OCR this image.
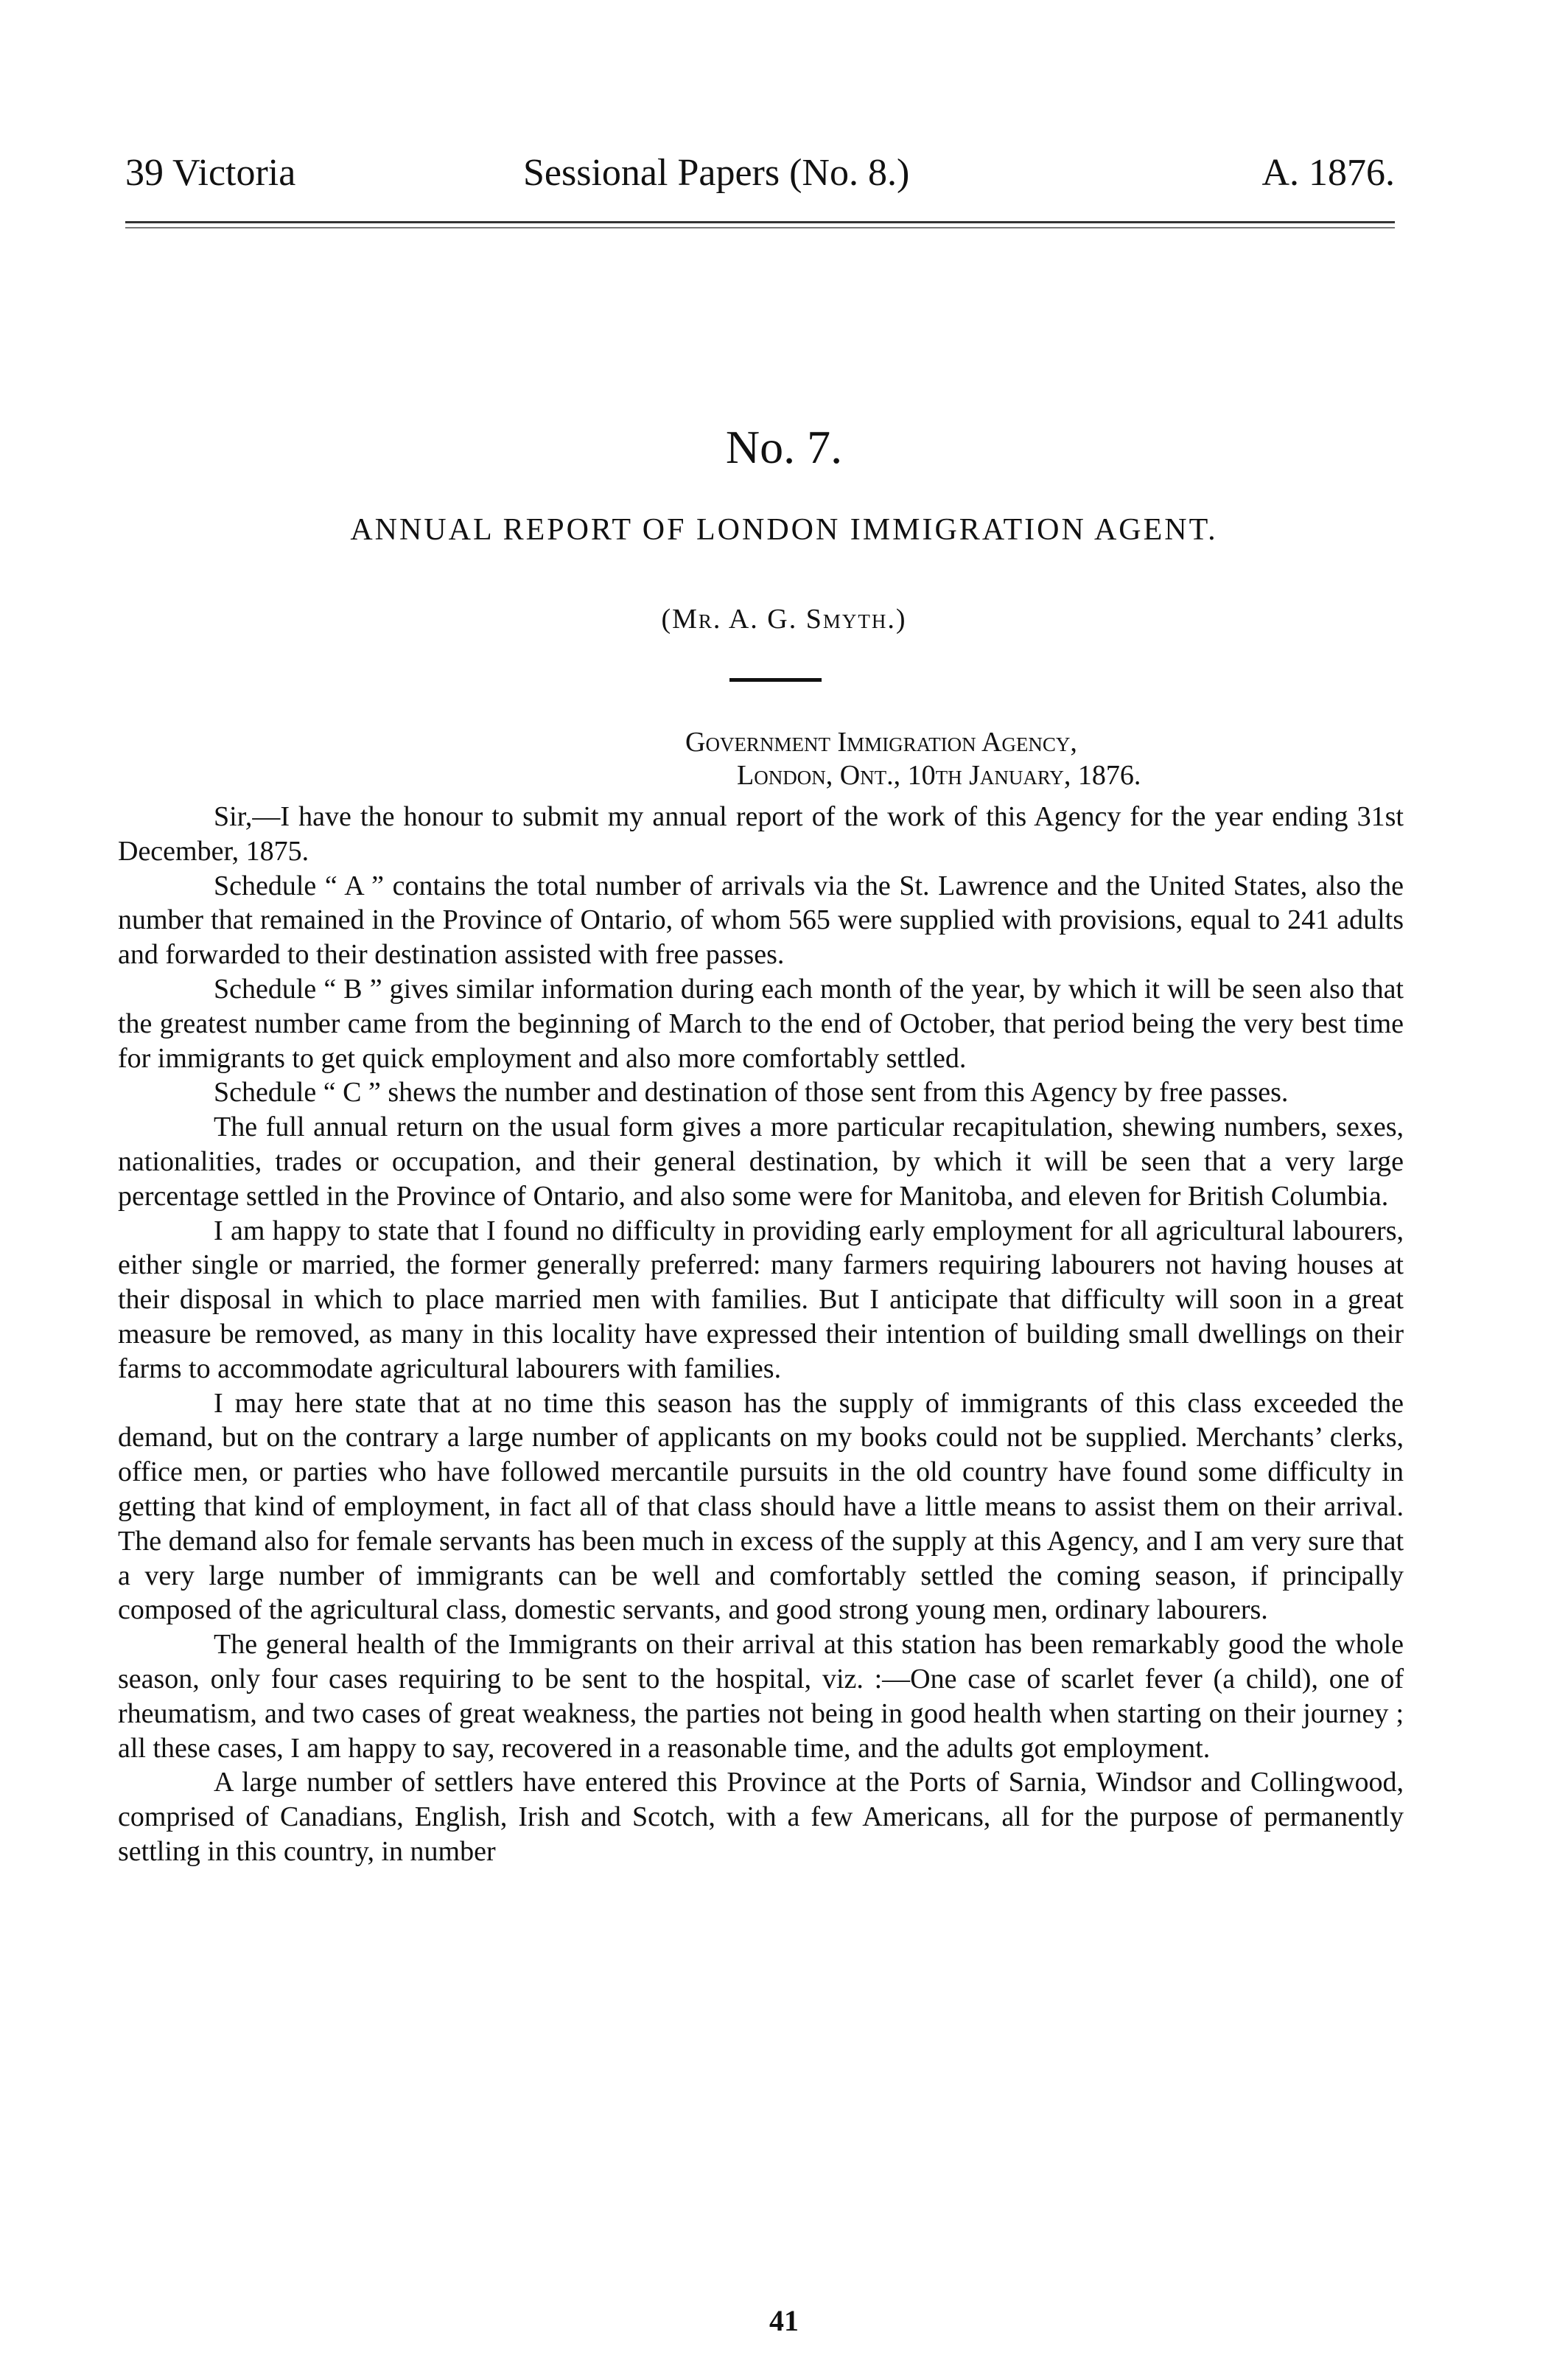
39 Victoria	Sessional Papers (No. 8.)	A. 1876.
No. 7.
ANNUAL REPORT OF LONDON IMMIGRATION AGENT.
(Mr. A. G. Smyth.)
Government Immigration Agency,
London, Ont., 10th January, 1876.

Sir,—I have the honour to submit my annual report of the work of this Agency for the year ending 31st December, 1875.

Schedule “ A ” contains the total number of arrivals via the St. Lawrence and the United States, also the number that remained in the Province of Ontario, of whom 565 were supplied with provisions, equal to 241 adults and forwarded to their destination assisted with free passes.

Schedule “ B ” gives similar information during each month of the year, by which it will be seen also that the greatest number came from the beginning of March to the end of October, that period being the very best time for immigrants to get quick employment and also more comfortably settled.

Schedule “ C ” shews the number and destination of those sent from this Agency by free passes.

The full annual return on the usual form gives a more particular recapitulation, shewing numbers, sexes, nationalities, trades or occupation, and their general destination, by which it will be seen that a very large percentage settled in the Province of Ontario, and also some were for Manitoba, and eleven for British Columbia.

I am happy to state that I found no difficulty in providing early employment for all agricultural labourers, either single or married, the former generally preferred: many farmers requiring labourers not having houses at their disposal in which to place married men with families. But I anticipate that difficulty will soon in a great measure be removed, as many in this locality have expressed their intention of building small dwellings on their farms to accommodate agricultural labourers with families.

I may here state that at no time this season has the supply of immigrants of this class exceeded the demand, but on the contrary a large number of applicants on my books could not be supplied. Merchants’ clerks, office men, or parties who have followed mercantile pursuits in the old country have found some difficulty in getting that kind of employment, in fact all of that class should have a little means to assist them on their arrival. The demand also for female servants has been much in excess of the supply at this Agency, and I am very sure that a very large number of immigrants can be well and comfortably settled the coming season, if principally composed of the agricultural class, domestic servants, and good strong young men, ordinary labourers.

The general health of the Immigrants on their arrival at this station has been remarkably good the whole season, only four cases requiring to be sent to the hospital, viz. :—One case of scarlet fever (a child), one of rheumatism, and two cases of great weakness, the parties not being in good health when starting on their journey ; all these cases, I am happy to say, recovered in a reasonable time, and the adults got employment.

A large number of settlers have entered this Province at the Ports of Sarnia, Windsor and Collingwood, comprised of Canadians, English, Irish and Scotch, with a few Americans, all for the purpose of permanently settling in this country, in number

41
